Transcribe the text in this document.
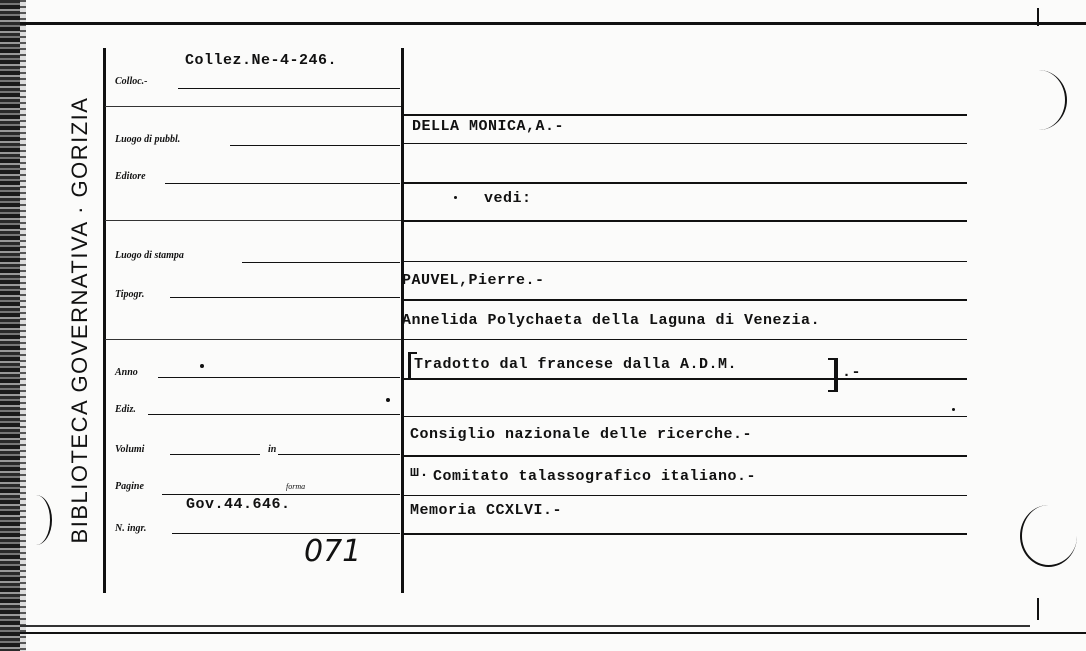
BIBLIOTECA GOVERNATIVA · GORIZIA
Colloc.-
Collez.Ne-4-246.
Luogo di pubbl.
Editore
Luogo di stampa
Tipogr.
Anno
Ediz.
Volumi	in
Pagine	forma
Gov.44.646.
N. ingr.
071
DELLA MONICA,A.-
vedi:
PAUVEL,Pierre.-
Annelida Polychaeta della Laguna di Venezia.
Tradotto dal francese dalla A.D.M.	.-
Consiglio nazionale delle ricerche.-
ш. Comitato talassografico italiano.-
Memoria CCXLVI.-
